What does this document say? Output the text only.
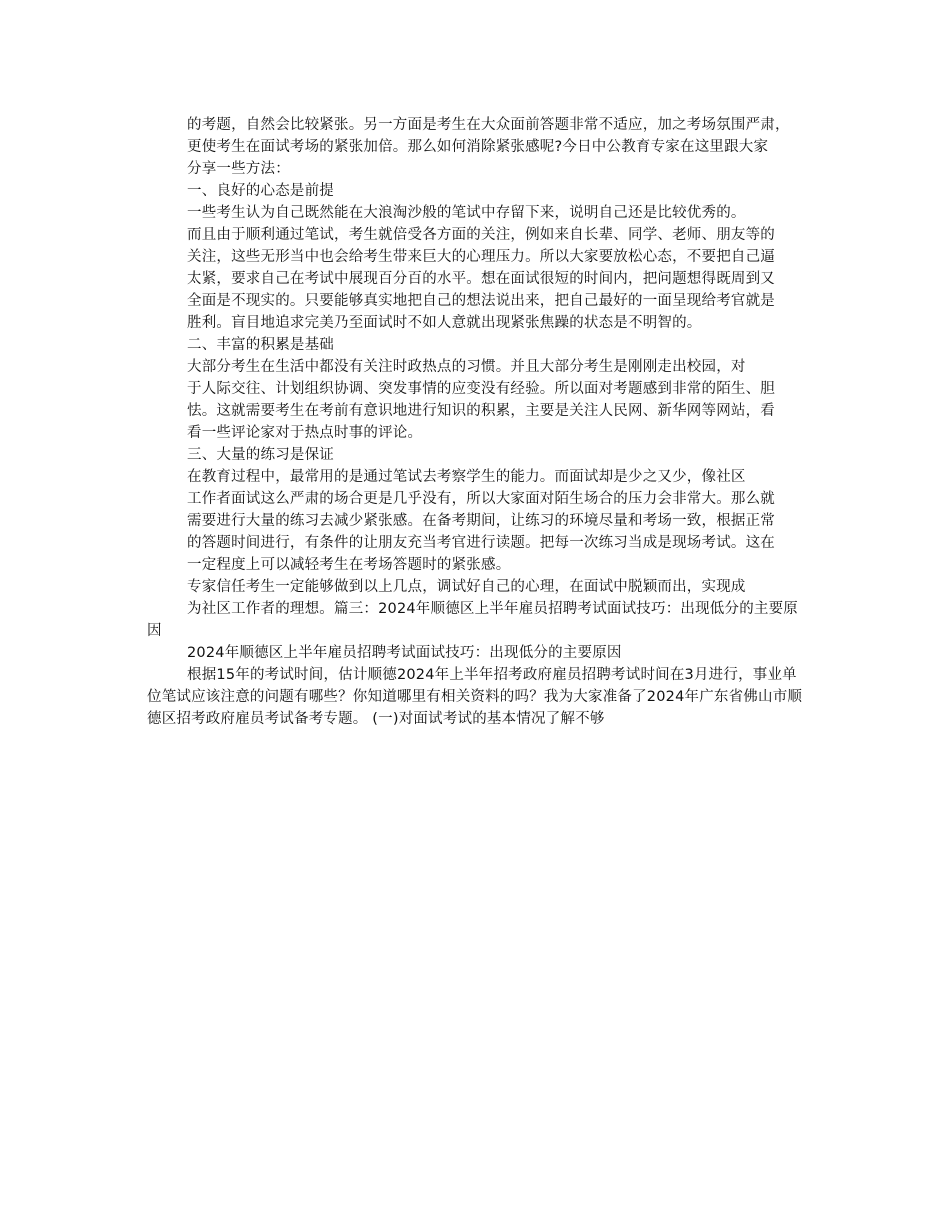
的考题，自然会比较紧张。另一方面是考生在大众面前答题非常不适应，加之考场氛围严肃，

更使考生在面试考场的紧张加倍。那么如何消除紧张感呢?今日中公教育专家在这里跟大家

分享一些方法：

一、良好的心态是前提

一些考生认为自己既然能在大浪淘沙般的笔试中存留下来，说明自己还是比较优秀的。

而且由于顺利通过笔试，考生就倍受各方面的关注，例如来自长辈、同学、老师、朋友等的

关注，这些无形当中也会给考生带来巨大的心理压力。所以大家要放松心态，不要把自己逼

太紧，要求自己在考试中展现百分百的水平。想在面试很短的时间内，把问题想得既周到又

全面是不现实的。只要能够真实地把自己的想法说出来，把自己最好的一面呈现给考官就是

胜利。盲目地追求完美乃至面试时不如人意就出现紧张焦躁的状态是不明智的。

二、丰富的积累是基础

大部分考生在生活中都没有关注时政热点的习惯。并且大部分考生是刚刚走出校园，对

于人际交往、计划组织协调、突发事情的应变没有经验。所以面对考题感到非常的陌生、胆

怯。这就需要考生在考前有意识地进行知识的积累，主要是关注人民网、新华网等网站，看

看一些评论家对于热点时事的评论。

三、大量的练习是保证

在教育过程中，最常用的是通过笔试去考察学生的能力。而面试却是少之又少，像社区

工作者面试这么严肃的场合更是几乎没有，所以大家面对陌生场合的压力会非常大。那么就

需要进行大量的练习去减少紧张感。在备考期间，让练习的环境尽量和考场一致，根据正常

的答题时间进行，有条件的让朋友充当考官进行读题。把每一次练习当成是现场考试。这在

一定程度上可以减轻考生在考场答题时的紧张感。

专家信任考生一定能够做到以上几点，调试好自己的心理，在面试中脱颖而出，实现成

为社区工作者的理想。篇三：2024年顺德区上半年雇员招聘考试面试技巧：出现低分的主要原因

2024年顺德区上半年雇员招聘考试面试技巧：出现低分的主要原因

根据15年的考试时间，估计顺德2024年上半年招考政府雇员招聘考试时间在3月进行，事业单位笔试应该注意的问题有哪些？你知道哪里有相关资料的吗？我为大家准备了2024年广东省佛山市顺德区招考政府雇员考试备考专题。 (一)对面试考试的基本情况了解不够
